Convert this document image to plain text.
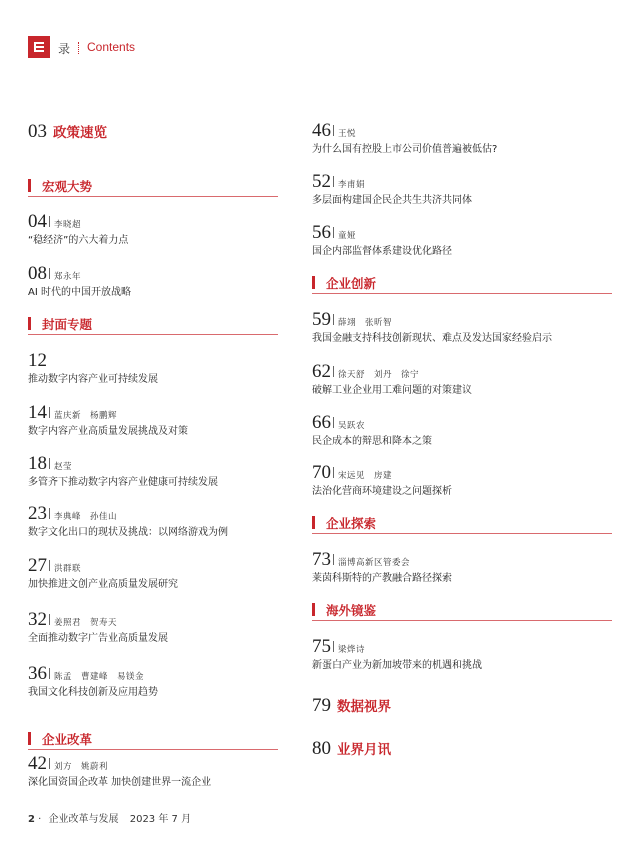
录 Contents
03 政策速览
宏观大势
04 李晓超
“稳经济”的六大着力点
08 郑永年
AI 时代的中国开放战略
封面专题
12
推动数字内容产业可持续发展
14 蓝庆新　杨鹏辉
数字内容产业高质量发展挑战及对策
18 赵莹
多管齐下推动数字内容产业健康可持续发展
23 李典峰　孙佳山
数字文化出口的现状及挑战：以网络游戏为例
27 洪群联
加快推进文创产业高质量发展研究
32 姜照君　贺寿天
全面推动数字广告业高质量发展
36 陈孟　曹建峰　易镁金
我国文化科技创新及应用趋势
企业改革
42 刘方　姚蔚利
深化国资国企改革 加快创建世界一流企业
46 王悦
为什么国有控股上市公司价值普遍被低估?
52 李甫娟
多层面构建国企民企共生共济共同体
56 童娅
国企内部监督体系建设优化路径
企业创新
59 薛翊　张昕智
我国金融支持科技创新现状、难点及发达国家经验启示
62 徐天舒　刘丹　徐宁
破解工业企业用工难问题的对策建议
66 吴跃农
民企成本的辩思和降本之策
70 宋远见　房建
法治化营商环境建设之问题探析
企业探索
73 淄博高新区管委会
莱茵科斯特的产教融合路径探索
海外镜鉴
75 梁烨诗
新蛋白产业为新加坡带来的机遇和挑战
79 数据视界
80 业界月讯
2 · 企业改革与发展 2023 年 7 月
